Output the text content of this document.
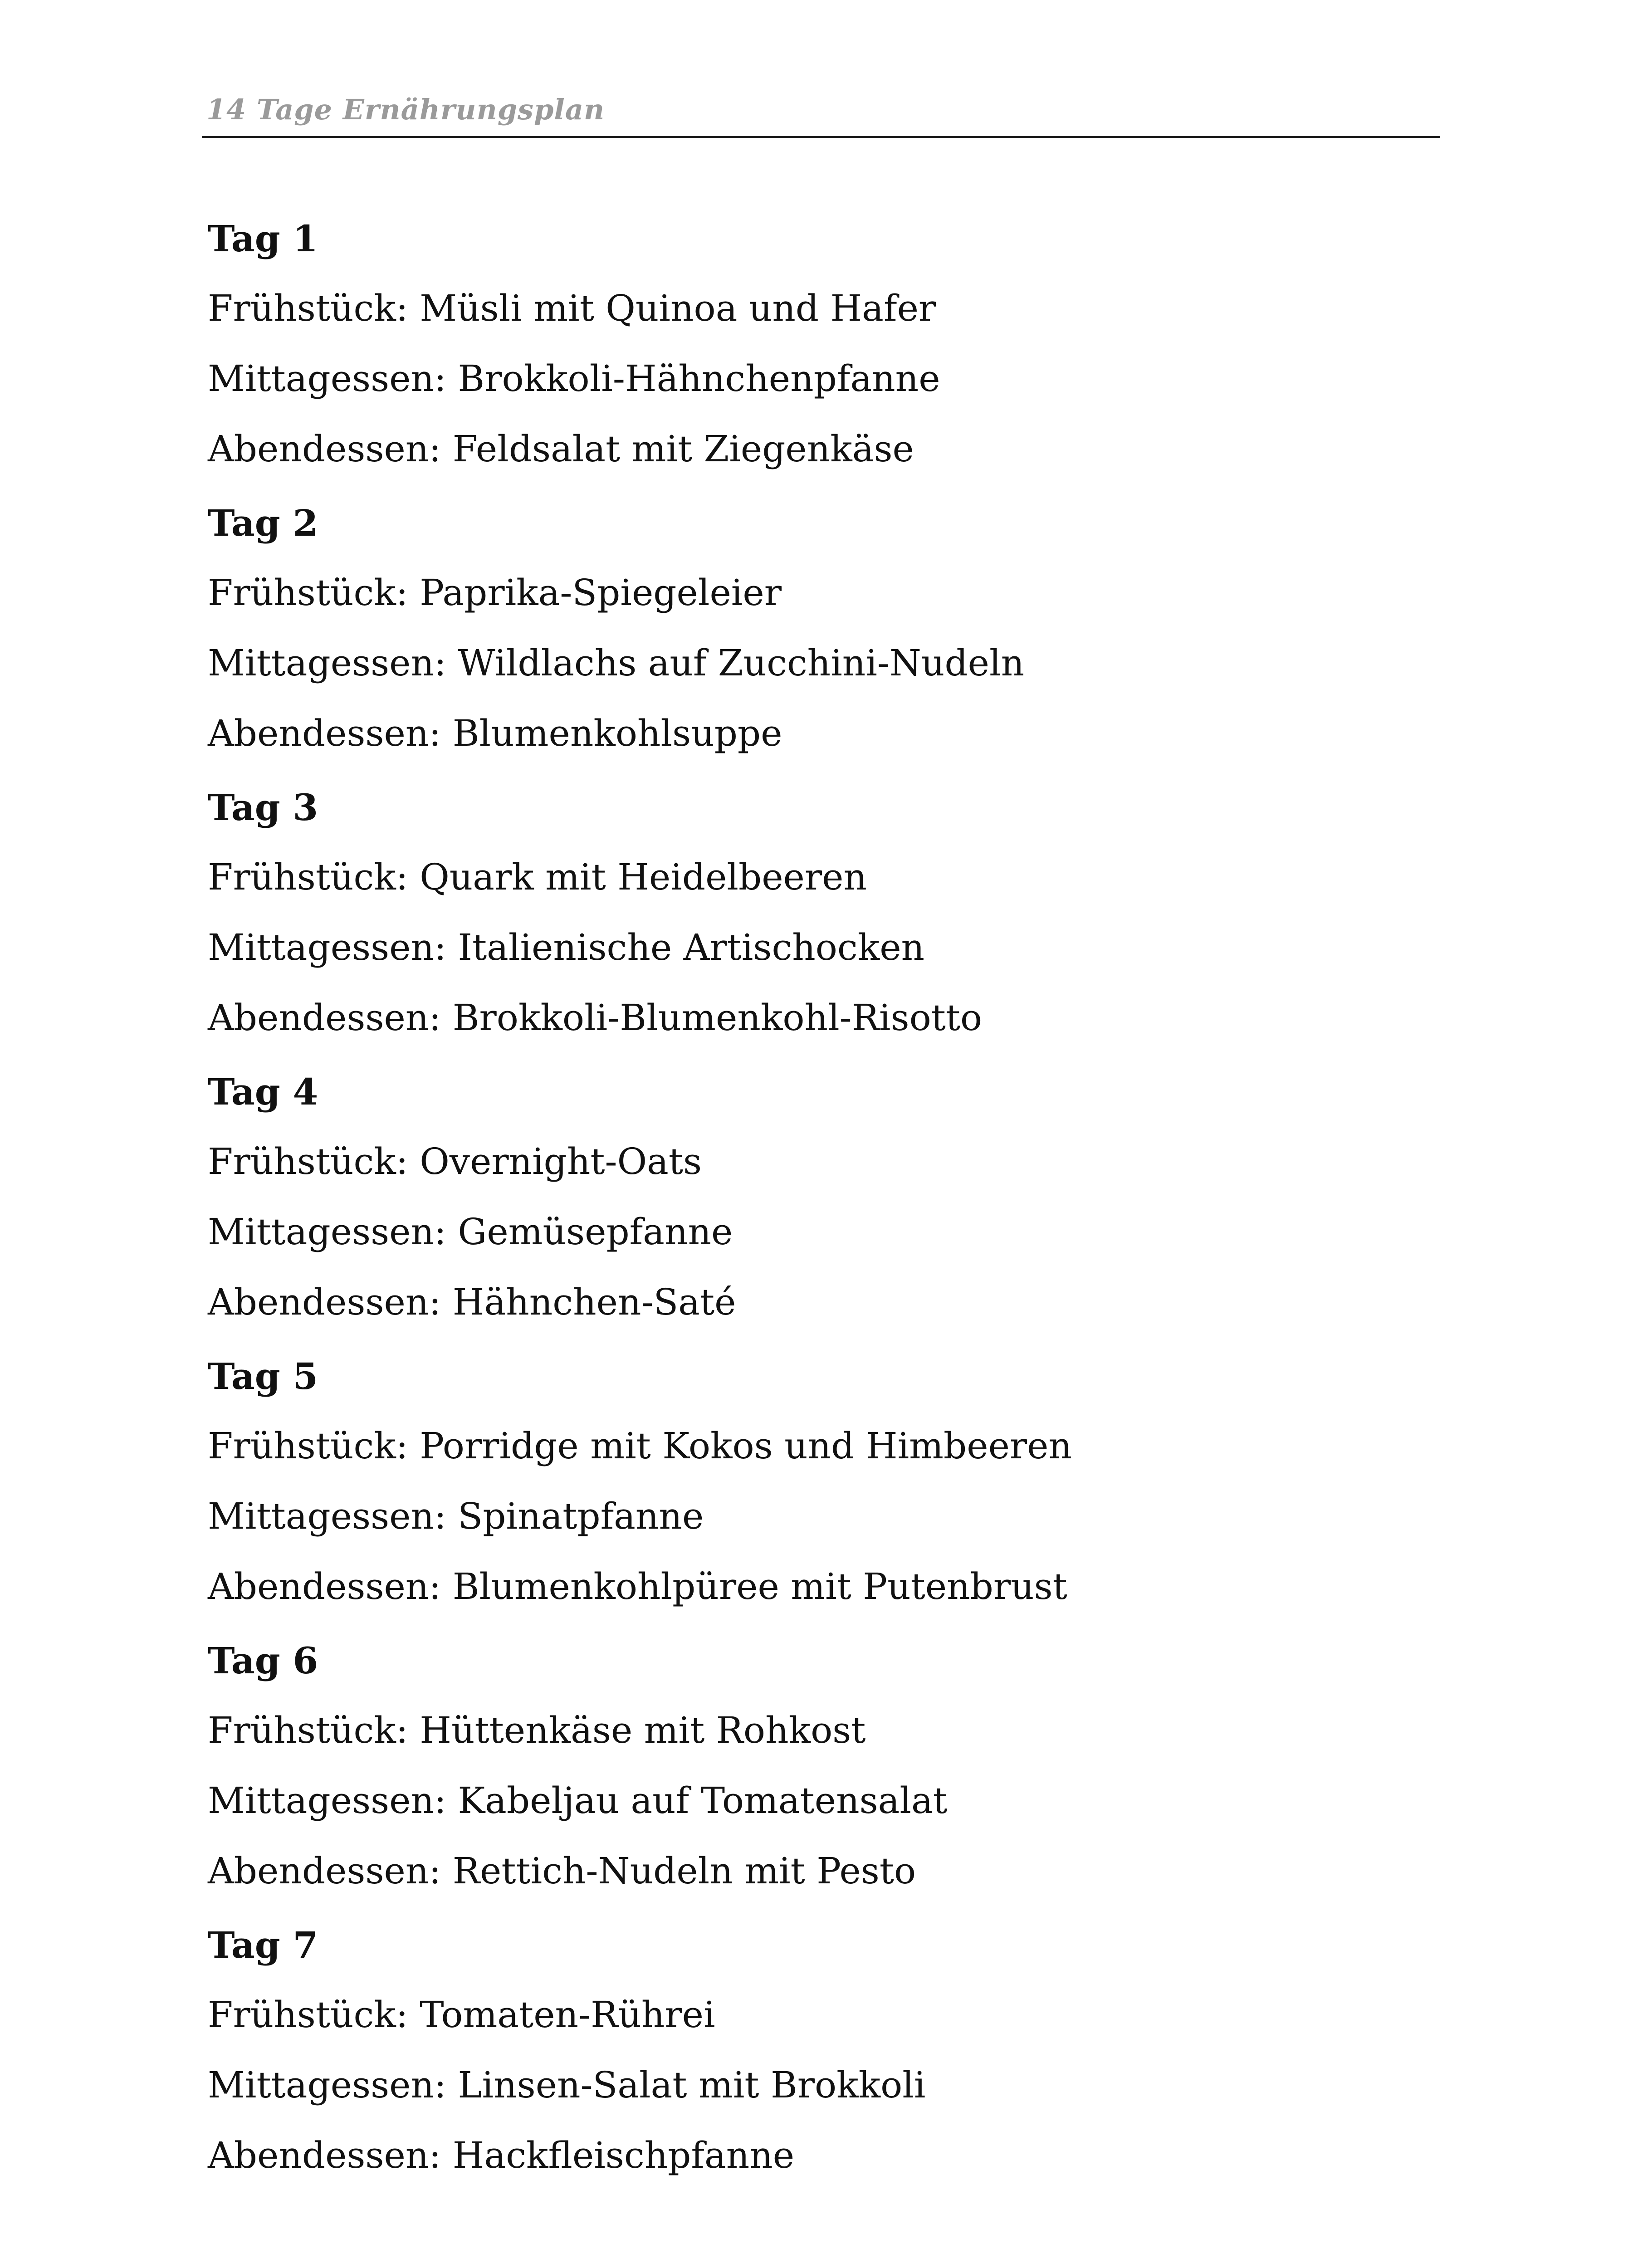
14 Tage Ernährungsplan
Tag 1
Frühstück: Müsli mit Quinoa und Hafer
Mittagessen: Brokkoli-Hähnchenpfanne
Abendessen: Feldsalat mit Ziegenkäse
Tag 2
Frühstück: Paprika-Spiegeleier
Mittagessen: Wildlachs auf Zucchini-Nudeln
Abendessen: Blumenkohlsuppe
Tag 3
Frühstück: Quark mit Heidelbeeren
Mittagessen: Italienische Artischocken
Abendessen: Brokkoli-Blumenkohl-Risotto
Tag 4
Frühstück: Overnight-Oats
Mittagessen: Gemüsepfanne
Abendessen: Hähnchen-Saté
Tag 5
Frühstück: Porridge mit Kokos und Himbeeren
Mittagessen: Spinatpfanne
Abendessen: Blumenkohlpüree mit Putenbrust
Tag 6
Frühstück: Hüttenkäse mit Rohkost
Mittagessen: Kabeljau auf Tomatensalat
Abendessen: Rettich-Nudeln mit Pesto
Tag 7
Frühstück: Tomaten-Rührei
Mittagessen: Linsen-Salat mit Brokkoli
Abendessen: Hackfleischpfanne
